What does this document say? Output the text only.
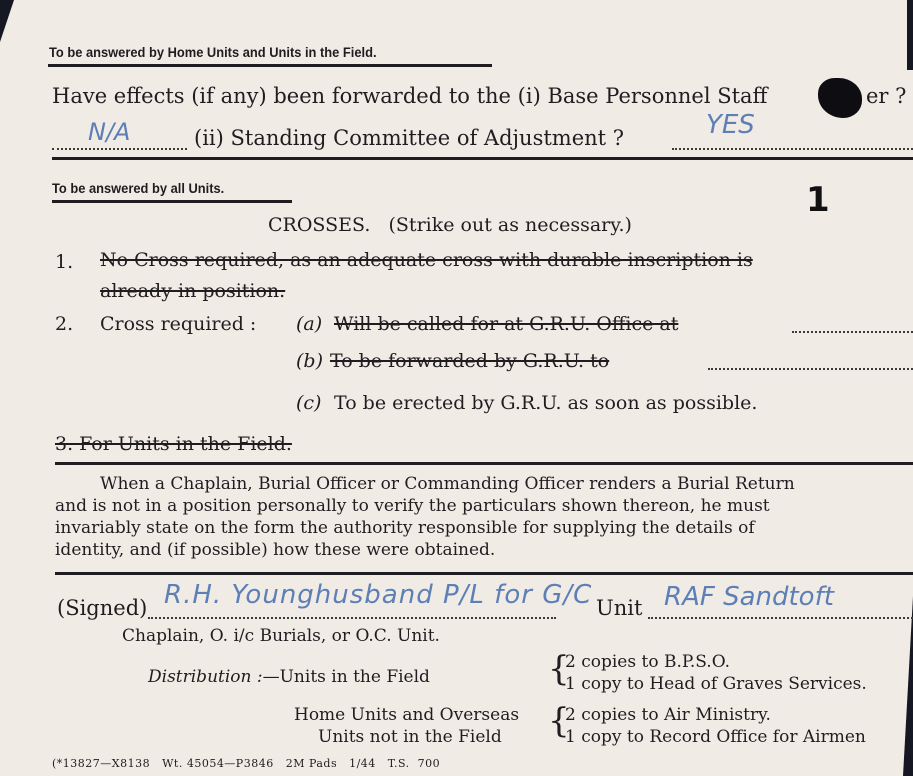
To be answered by Home Units and Units in the Field.
Have effects (if any) been forwarded to the (i) Base Personnel Staff	er ?
N/A	(ii) Standing Committee of Adjustment ?	YES
To be answered by all Units.	1
CROSSES. (Strike out as necessary.)
1. No Cross required, as an adequate cross with durable inscription is
already in position.
2. Cross required : (a) Will be called for at G.R.U. Office at
(b) To be forwarded by G.R.U. to
(c) To be erected by G.R.U. as soon as possible.
3. For Units in the Field.
When a Chaplain, Burial Officer or Commanding Officer renders a Burial Return
and is not in a position personally to verify the particulars shown thereon, he must
invariably state on the form the authority responsible for supplying the details of
identity, and (if possible) how these were obtained.
(Signed) R.H. Younghusband P/L for G/C Unit RAF Sandtoft
Chaplain, O. i/c Burials, or O.C. Unit.
Distribution :—Units in the Field	{
2 copies to B.P.S.O.
1 copy to Head of Graves Services.
Home Units and Overseas
Units not in the Field {
2 copies to Air Ministry.
1 copy to Record Office for Airmen
(*13827—X8138   Wt. 45054—P3846   2M Pads   1/44   T.S.  700
